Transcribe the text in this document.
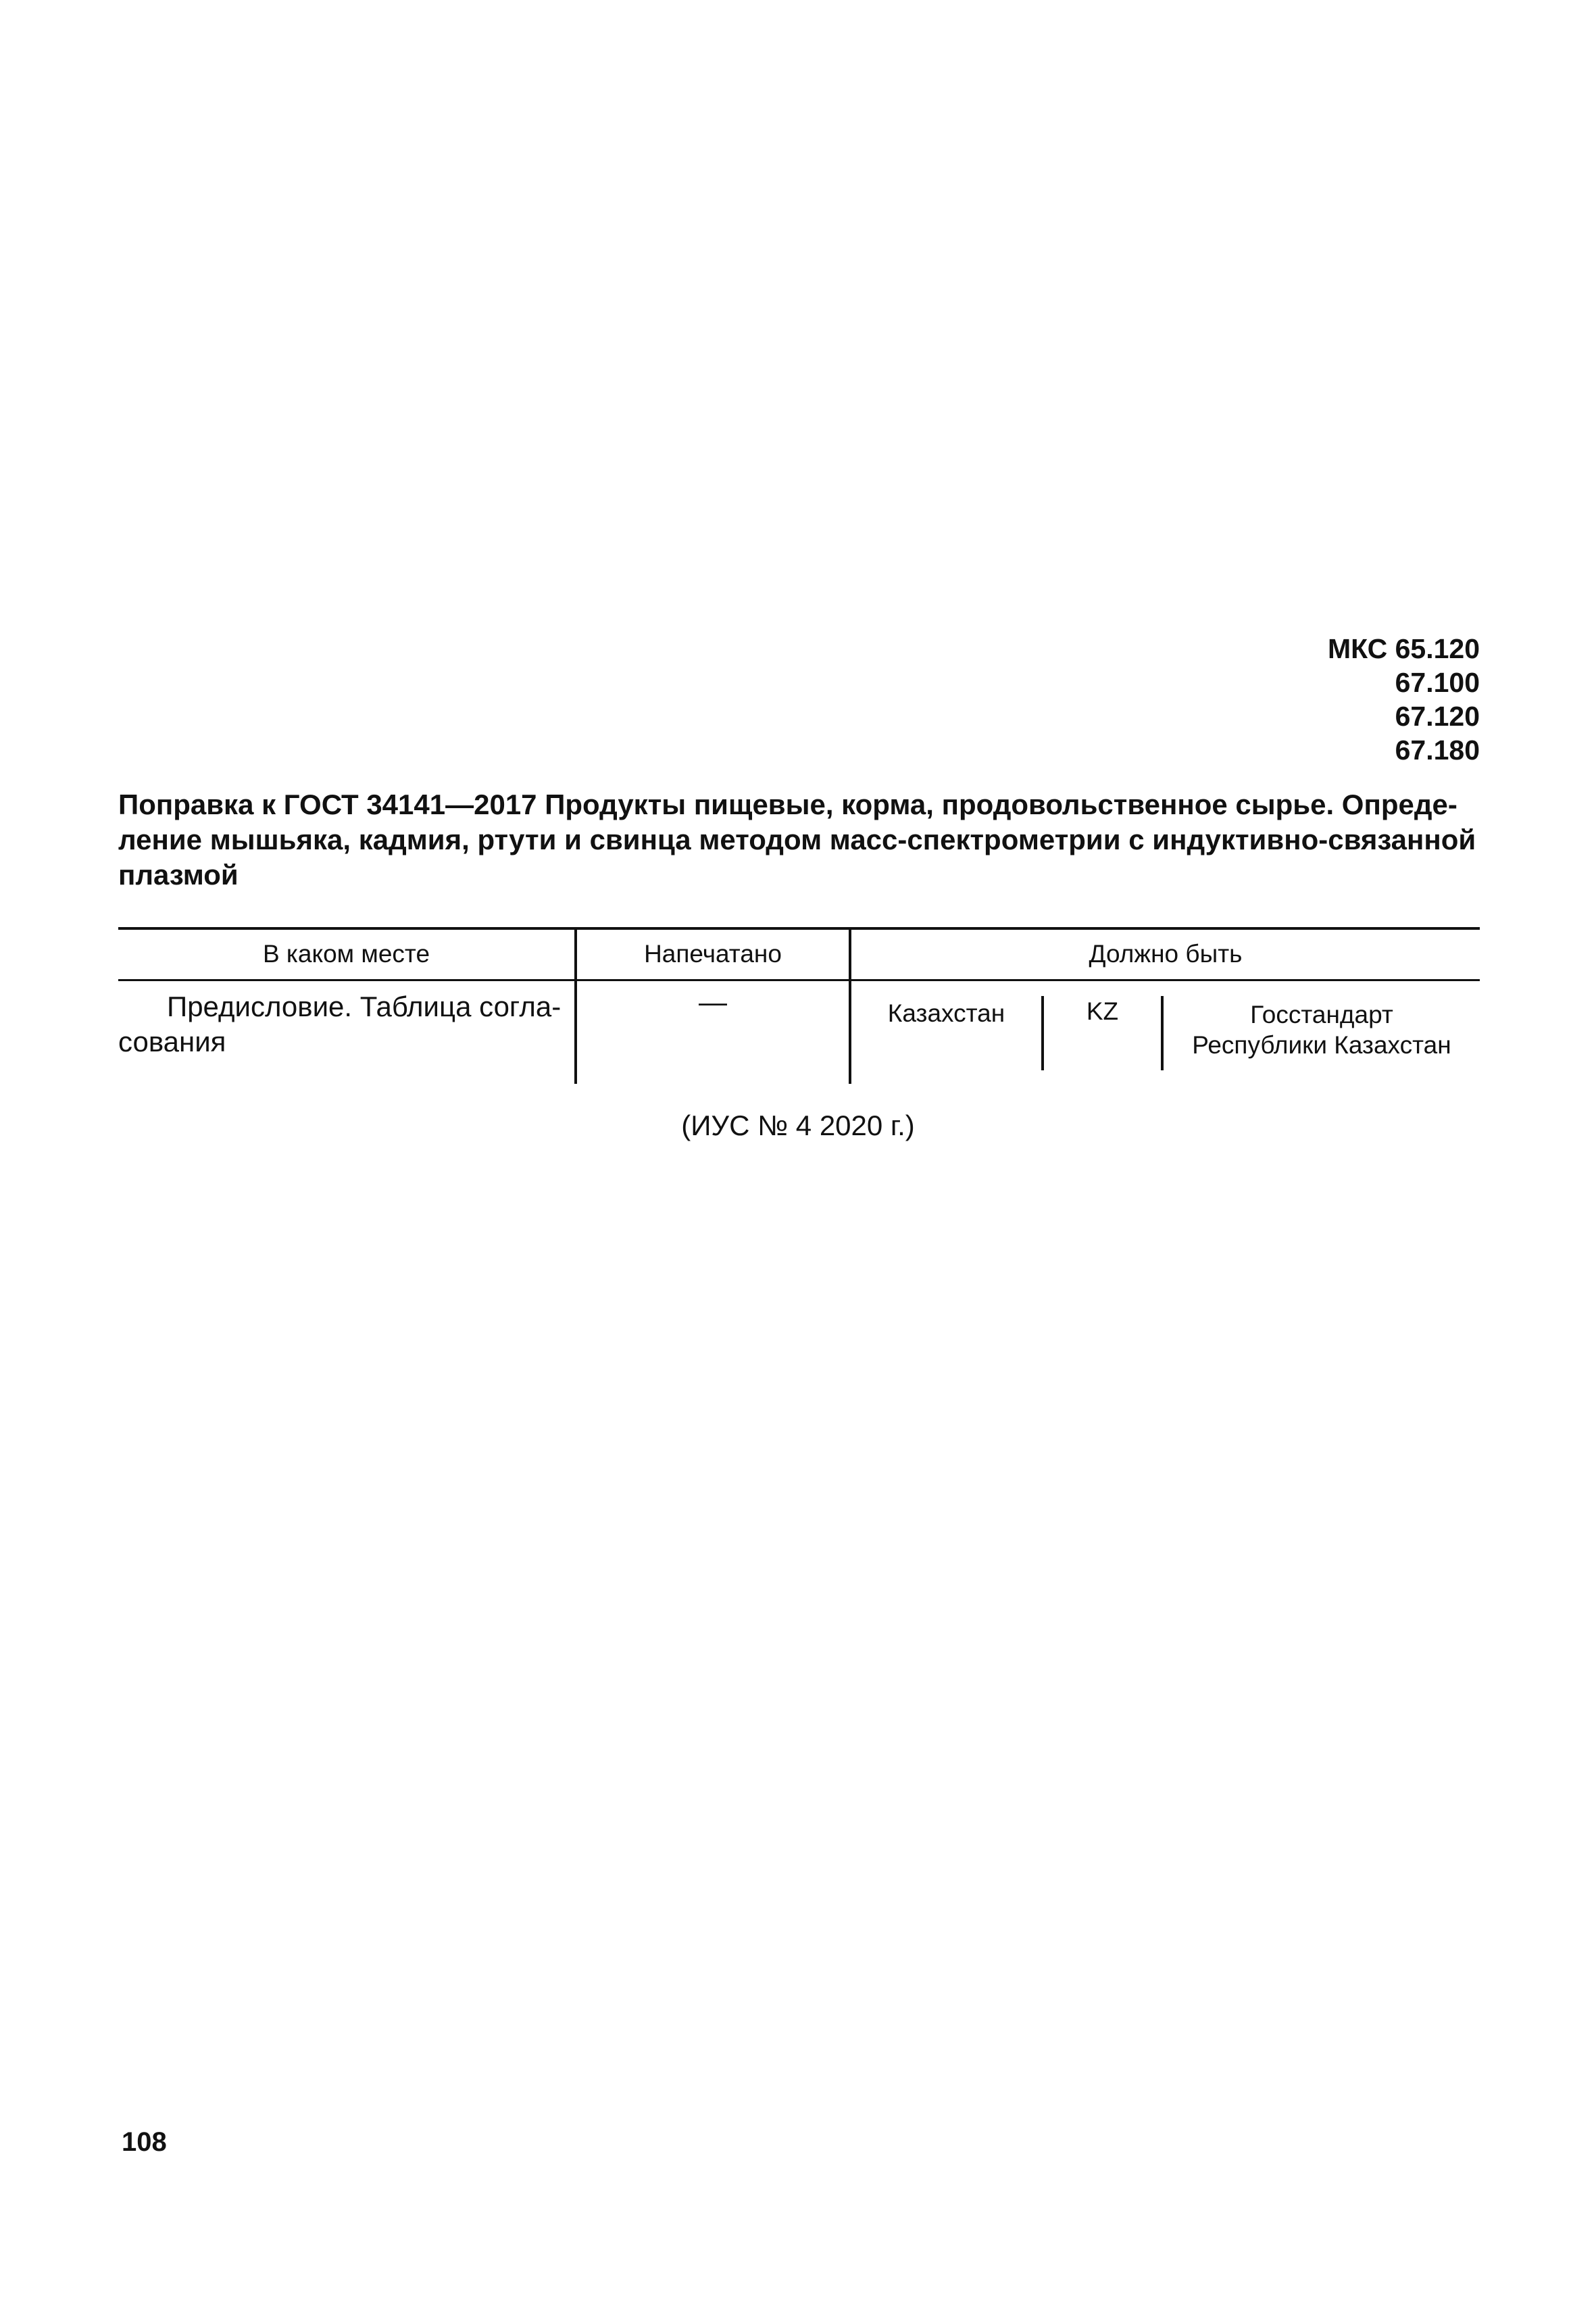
МКС 65.120
67.100
67.120
67.180
Поправка к ГОСТ 34141—2017 Продукты пищевые, корма, продовольственное сырье. Опреде-
ление мышьяка, кадмия, ртути и свинца методом масс-спектрометрии с индуктивно-связанной
плазмой
В каком месте	Напечатано	Должно быть
Предисловие. Таблица согла-
сования
—	Казахстан	KZ	Госстандарт
Республики Казахстан
(ИУС № 4 2020 г.)
108
